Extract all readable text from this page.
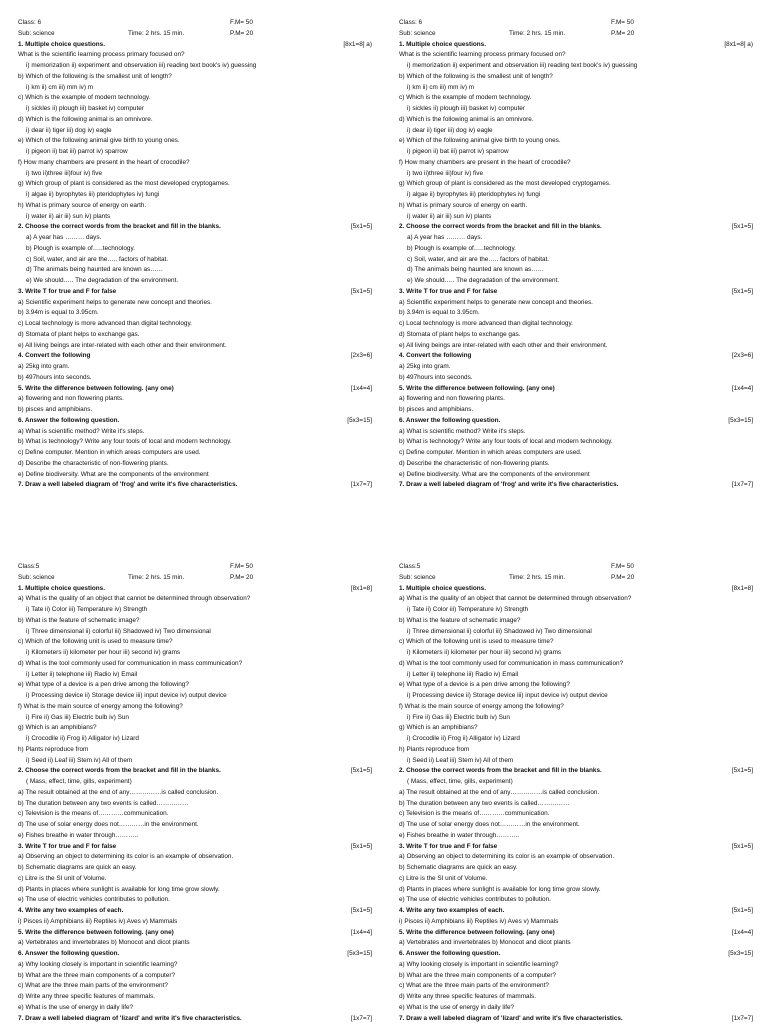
Class: 6	F.M= 50
Sub: science	Time: 2 hrs. 15 min.	P.M= 20
1. Multiple choice questions.	[8x1=8] a)
What is the scientific learning process primary focused on?
i) memorization ii) experiment and observation iii) reading text book's iv) guessing
b) Which of the following is the smallest unit of length?
i) km ii) cm iii) mm iv) m
c) Which is the example of modern technology.
i) sickles ii) plough iii) basket iv) computer
d) Which is the following animal is an omnivore.
i) dear ii) tiger iii) dog iv) eagle
e) Which of the following animal give birth to young ones.
i) pigeon ii) bat iii) parrot iv) sparrow
f) How many chambers are present in the heart of crocodile?
i) two ii)three iii)four iv) five
g) Which group of plant is considered as the most developed cryptogames.
i) algae ii) byrophytes iii) pteridophytes iv) fungi
h) What is primary source of energy on earth.
i) water ii) air iii) sun iv) plants
2. Choose the correct words from the bracket and fill in the blanks.	[5x1=5]
a) A year has ……… days.
b) Plough is example of…..technology.
c) Soil, water, and air are the….. factors of habitat.
d) The animals being haunted are known as……
e) We should….. The degradation of the environment.
3. Write T for true and F for false	[5x1=5]
a) Scientific experiment helps to generate new concept and theories.
b) 3.94m is equal to 3.95cm.
c) Local technology is more advanced than digital technology.
d) Stomata of plant helps to exchange gas.
e) All living beings are inter-related with each other and their environment.
4. Convert the following	[2x3=6]
a) 25kg into gram.
b) 497hours into seconds.
5. Write the difference between following. (any one)	[1x4=4]
a) flowering and non flowering plants.
b) pisces and amphibians.
6. Answer the following question.	[5x3=15]
a) What is scientific method? Write it's steps.
b) What is technology? Write any four tools of local and modern technology.
c) Define computer. Mention in which areas computers are used.
d) Describe the characteristic of non-flowering plants.
e) Define biodiversity. What are the components of the environment
7. Draw a well labeled diagram of 'frog' and write it's five characteristics.	[1x7=7]
Class: 6	F.M= 50
Sub: science	Time: 2 hrs. 15 min.	P.M= 20
1. Multiple choice questions.	[8x1=8] a)
What is the scientific learning process primary focused on?
i) memorization ii) experiment and observation iii) reading text book's iv) guessing
b) Which of the following is the smallest unit of length?
i) km ii) cm iii) mm iv) m
c) Which is the example of modern technology.
i) sickles ii) plough iii) basket iv) computer
d) Which is the following animal is an omnivore.
i) dear ii) tiger iii) dog iv) eagle
e) Which of the following animal give birth to young ones.
i) pigeon ii) bat iii) parrot iv) sparrow
f) How many chambers are present in the heart of crocodile?
i) two ii)three iii)four iv) five
g) Which group of plant is considered as the most developed cryptogames.
i) algae ii) byrophytes iii) pteridophytes iv) fungi
h) What is primary source of energy on earth.
i) water ii) air iii) sun iv) plants
2. Choose the correct words from the bracket and fill in the blanks.	[5x1=5]
a) A year has ……… days.
b) Plough is example of…..technology.
c) Soil, water, and air are the….. factors of habitat.
d) The animals being haunted are known as……
e) We should….. The degradation of the environment.
3. Write T for true and F for false	[5x1=5]
a) Scientific experiment helps to generate new concept and theories.
b) 3.94m is equal to 3.95cm.
c) Local technology is more advanced than digital technology.
d) Stomata of plant helps to exchange gas.
e) All living beings are inter-related with each other and their environment.
4. Convert the following	[2x3=6]
a) 25kg into gram.
b) 497hours into seconds.
5. Write the difference between following. (any one)	[1x4=4]
a) flowering and non flowering plants.
b) pisces and amphibians.
6. Answer the following question.	[5x3=15]
a) What is scientific method? Write it's steps.
b) What is technology? Write any four tools of local and modern technology.
c) Define computer. Mention in which areas computers are used.
d) Describe the characteristic of non-flowering plants.
e) Define biodiversity. What are the components of the environment
7. Draw a well labeled diagram of 'frog' and write it's five characteristics.	[1x7=7]
Class:5	F.M= 50
Sub: science	Time: 2 hrs. 15 min.	P.M= 20
1. Multiple choice questions.	[8x1=8]
a) What is the quality of an object that cannot be determined through observation?
i) Tate ii) Color iii) Temperature iv) Strength
b) What is the feature of schematic image?
i) Three dimensional ii) colorful iii) Shadowed iv) Two dimensional
c) Which of the following unit is used to measure time?
i) Kilometers ii) kilometer per hour iii) second iv) grams
d) What is the tool commonly used for communication in mass communication?
i) Letter ii) telephone iii) Radio iv) Email
e) What type of a device is a pen drive among the following?
i) Processing device ii) Storage device iii) input device iv) output device
f) What is the main source of energy among the following?
i) Fire ii) Gas iii) Electric bulb iv) Sun
g) Which is an amphibians?
i) Crocodile ii) Frog ii) Alligator iv) Lizard
h) Plants reproduce from
i) Seed ii) Leaf iii) Stem iv) All of them
2. Choose the correct words from the bracket and fill in the blanks.	[5x1=5]
( Mass, effect, time, gills, experiment)
a) The result obtained at the end of any……………is called conclusion.
b) The duration between any two events is called……………
c) Television is the means of…………communication.
d) The use of solar energy does not…………in the environment.
e) Fishes breathe in water through………..
3. Write T for true and F for false	[5x1=5]
a) Observing an object to determining its color is an example of observation.
b) Schematic diagrams are quick an easy.
c) Litre is the SI unit of Volume.
d) Plants in places where sunlight is available for long time grow slowly.
e) The use of electric vehicles contributes to pollution.
4. Write any two examples of each.	[5x1=5]
i) Pisces ii) Amphibians iii) Reptiles iv) Aves v) Mammals
5. Write the difference between following. (any one)	[1x4=4]
a) Vertebrates and invertebrates b) Monocot and dicot plants
6. Answer the following question.	[5x3=15]
a) Why looking closely is important in scientific learning?
b) What are the three main components of a computer?
c) What are the three main parts of the environment?
d) Write any three specific features of mammals.
e) What is the use of energy in daily life?
7. Draw a well labeled diagram of 'lizard' and write it's five characteristics.	[1x7=7]
Class:5	F.M= 50
Sub: science	Time: 2 hrs. 15 min.	P.M= 20
1. Multiple choice questions.	[8x1=8]
a) What is the quality of an object that cannot be determined through observation?
i) Tate ii) Color iii) Temperature iv) Strength
b) What is the feature of schematic image?
i) Three dimensional ii) colorful iii) Shadowed iv) Two dimensional
c) Which of the following unit is used to measure time?
i) Kilometers ii) kilometer per hour iii) second iv) grams
d) What is the tool commonly used for communication in mass communication?
i) Letter ii) telephone iii) Radio iv) Email
e) What type of a device is a pen drive among the following?
i) Processing device ii) Storage device iii) input device iv) output device
f) What is the main source of energy among the following?
i) Fire ii) Gas iii) Electric bulb iv) Sun
g) Which is an amphibians?
i) Crocodile ii) Frog ii) Alligator iv) Lizard
h) Plants reproduce from
i) Seed ii) Leaf iii) Stem iv) All of them
2. Choose the correct words from the bracket and fill in the blanks.	[5x1=5]
( Mass, effect, time, gills, experiment)
a) The result obtained at the end of any……………is called conclusion.
b) The duration between any two events is called……………
c) Television is the means of…………communication.
d) The use of solar energy does not…………in the environment.
e) Fishes breathe in water through………..
3. Write T for true and F for false	[5x1=5]
a) Observing an object to determining its color is an example of observation.
b) Schematic diagrams are quick an easy.
c) Litre is the SI unit of Volume.
d) Plants in places where sunlight is available for long time grow slowly.
e) The use of electric vehicles contributes to pollution.
4. Write any two examples of each.	[5x1=5]
i) Pisces ii) Amphibians iii) Reptiles iv) Aves v) Mammals
5. Write the difference between following. (any one)	[1x4=4]
a) Vertebrates and invertebrates b) Monocot and dicot plants
6. Answer the following question.	[5x3=15]
a) Why looking closely is important in scientific learning?
b) What are the three main components of a computer?
c) What are the three main parts of the environment?
d) Write any three specific features of mammals.
e) What is the use of energy in daily life?
7. Draw a well labeled diagram of 'lizard' and write it's five characteristics.	[1x7=7]
